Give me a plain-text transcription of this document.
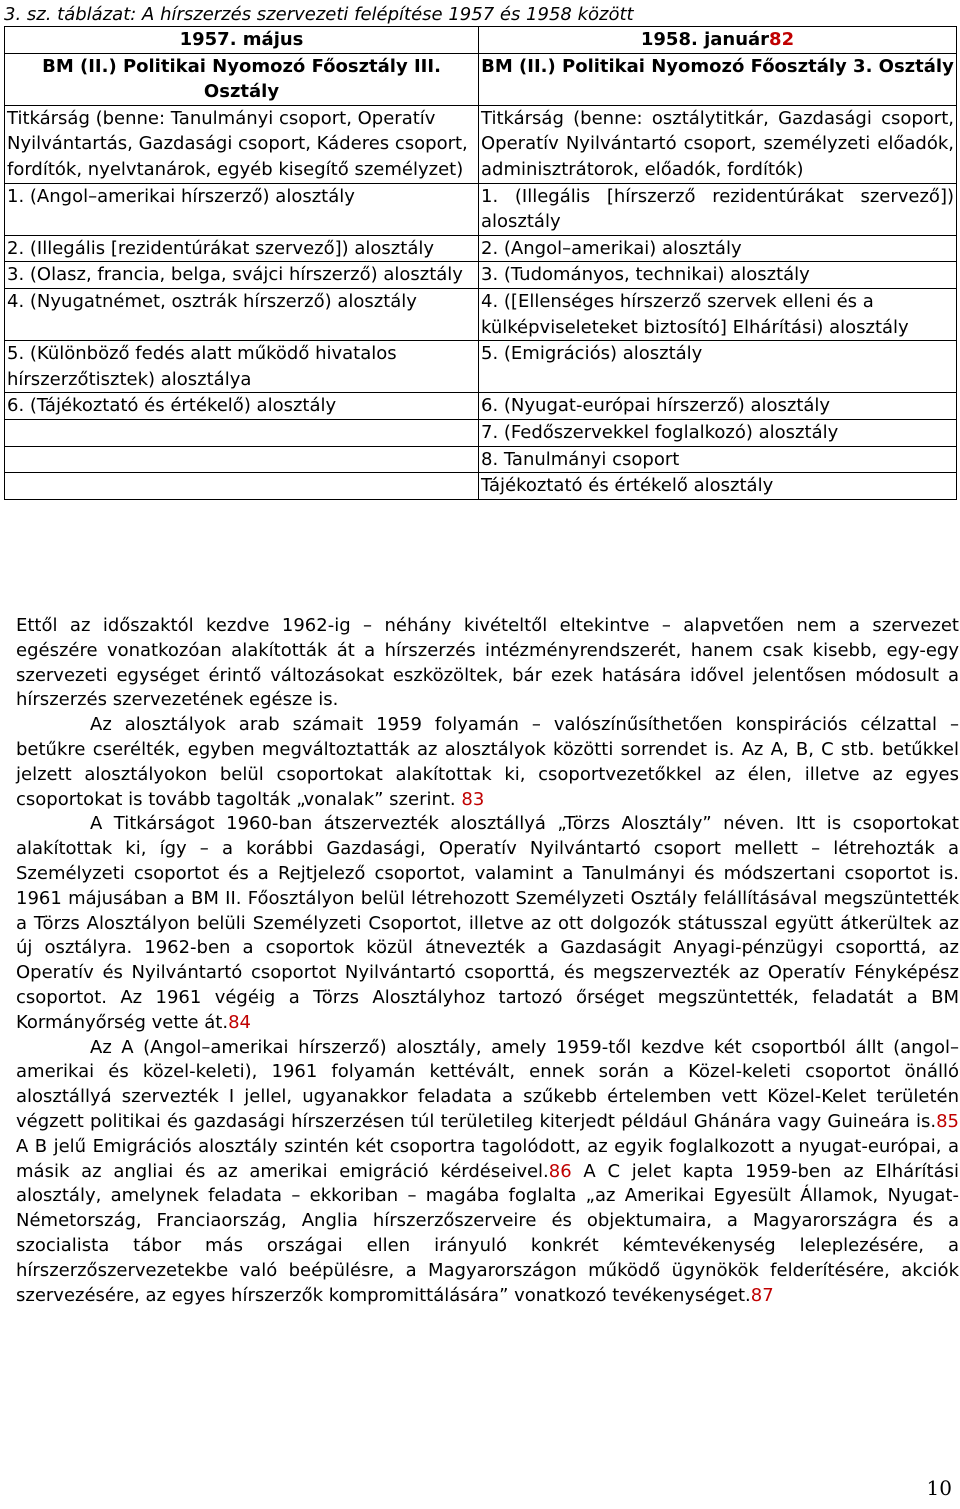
3. sz. táblázat: A hírszerzés szervezeti felépítése 1957 és 1958 között
1957. május	1958. január82
BM (II.) Politikai Nyomozó Főosztály III. Osztály	BM (II.) Politikai Nyomozó Főosztály 3. Osztály
Titkárság (benne: Tanulmányi csoport, Operatív Nyilvántartás, Gazdasági csoport, Káderes csoport, fordítók, nyelvtanárok, egyéb kisegítő személyzet)	Titkárság (benne: osztálytitkár, Gazdasági csoport, Operatív Nyilvántartó csoport, személyzeti előadók, adminisztrátorok, előadók, fordítók)
1. (Angol–amerikai hírszerző) alosztály	1. (Illegális [hírszerző rezidentúrákat szervező]) alosztály
2. (Illegális [rezidentúrákat szervező]) alosztály	2. (Angol–amerikai) alosztály
3. (Olasz, francia, belga, svájci hírszerző) alosztály	3. (Tudományos, technikai) alosztály
4. (Nyugatnémet, osztrák hírszerző) alosztály	4. ([Ellenséges hírszerző szervek elleni és a külképviseleteket biztosító] Elhárítási) alosztály
5. (Különböző fedés alatt működő hivatalos hírszerzőtisztek) alosztálya	5. (Emigrációs) alosztály
6. (Tájékoztató és értékelő) alosztály	6. (Nyugat-európai hírszerző) alosztály
	7. (Fedőszervekkel foglalkozó) alosztály
	8. Tanulmányi csoport
	Tájékoztató és értékelő alosztály

Ettől az időszaktól kezdve 1962-ig – néhány kivételtől eltekintve – alapvetően nem a szervezet egészére vonatkozóan alakították át a hírszerzés intézményrendszerét, hanem csak kisebb, egy-egy szervezeti egységet érintő változásokat eszközöltek, bár ezek hatására idővel jelentősen módosult a hírszerzés szervezetének egésze is.

Az alosztályok arab számait 1959 folyamán – valószínűsíthetően konspirációs célzattal – betűkre cserélték, egyben megváltoztatták az alosztályok közötti sorrendet is. Az A, B, C stb. betűkkel jelzett alosztályokon belül csoportokat alakítottak ki, csoportvezetőkkel az élen, illetve az egyes csoportokat is tovább tagolták „vonalak” szerint. 83

A Titkárságot 1960-ban átszervezték alosztállyá „Törzs Alosztály” néven. Itt is csoportokat alakítottak ki, így – a korábbi Gazdasági, Operatív Nyilvántartó csoport mellett – létrehozták a Személyzeti csoportot és a Rejtjelező csoportot, valamint a Tanulmányi és módszertani csoportot is. 1961 májusában a BM II. Főosztályon belül létrehozott Személyzeti Osztály felállításával megszüntették a Törzs Alosztályon belüli Személyzeti Csoportot, illetve az ott dolgozók státusszal együtt átkerültek az új osztályra. 1962-ben a csoportok közül átnevezték a Gazdaságit Anyagi-pénzügyi csoporttá, az Operatív és Nyilvántartó csoportot Nyilvántartó csoporttá, és megszervezték az Operatív Fényképész csoportot. Az 1961 végéig a Törzs Alosztályhoz tartozó őrséget megszüntették, feladatát a BM Kormányőrség vette át.84

Az A (Angol–amerikai hírszerző) alosztály, amely 1959-től kezdve két csoportból állt (angol–amerikai és közel-keleti), 1961 folyamán kettévált, ennek során a Közel-keleti csoportot önálló alosztállyá szervezték I jellel, ugyanakkor feladata a szűkebb értelemben vett Közel-Kelet területén végzett politikai és gazdasági hírszerzésen túl területileg kiterjedt például Ghánára vagy Guineára is.85 A B jelű Emigrációs alosztály szintén két csoportra tagolódott, az egyik foglalkozott a nyugat-európai, a másik az angliai és az amerikai emigráció kérdéseivel.86 A C jelet kapta 1959-ben az Elhárítási alosztály, amelynek feladata – ekkoriban – magába foglalta „az Amerikai Egyesült Államok, Nyugat-Németország, Franciaország, Anglia hírszerzőszerveire és objektumaira, a Magyarországra és a szocialista tábor más országai ellen irányuló konkrét kémtevékenység leleplezésére, a hírszerzőszervezetekbe való beépülésre, a Magyarországon működő ügynökök felderítésére, akciók szervezésére, az egyes hírszerzők kompromittálására” vonatkozó tevékenységet.87

10
